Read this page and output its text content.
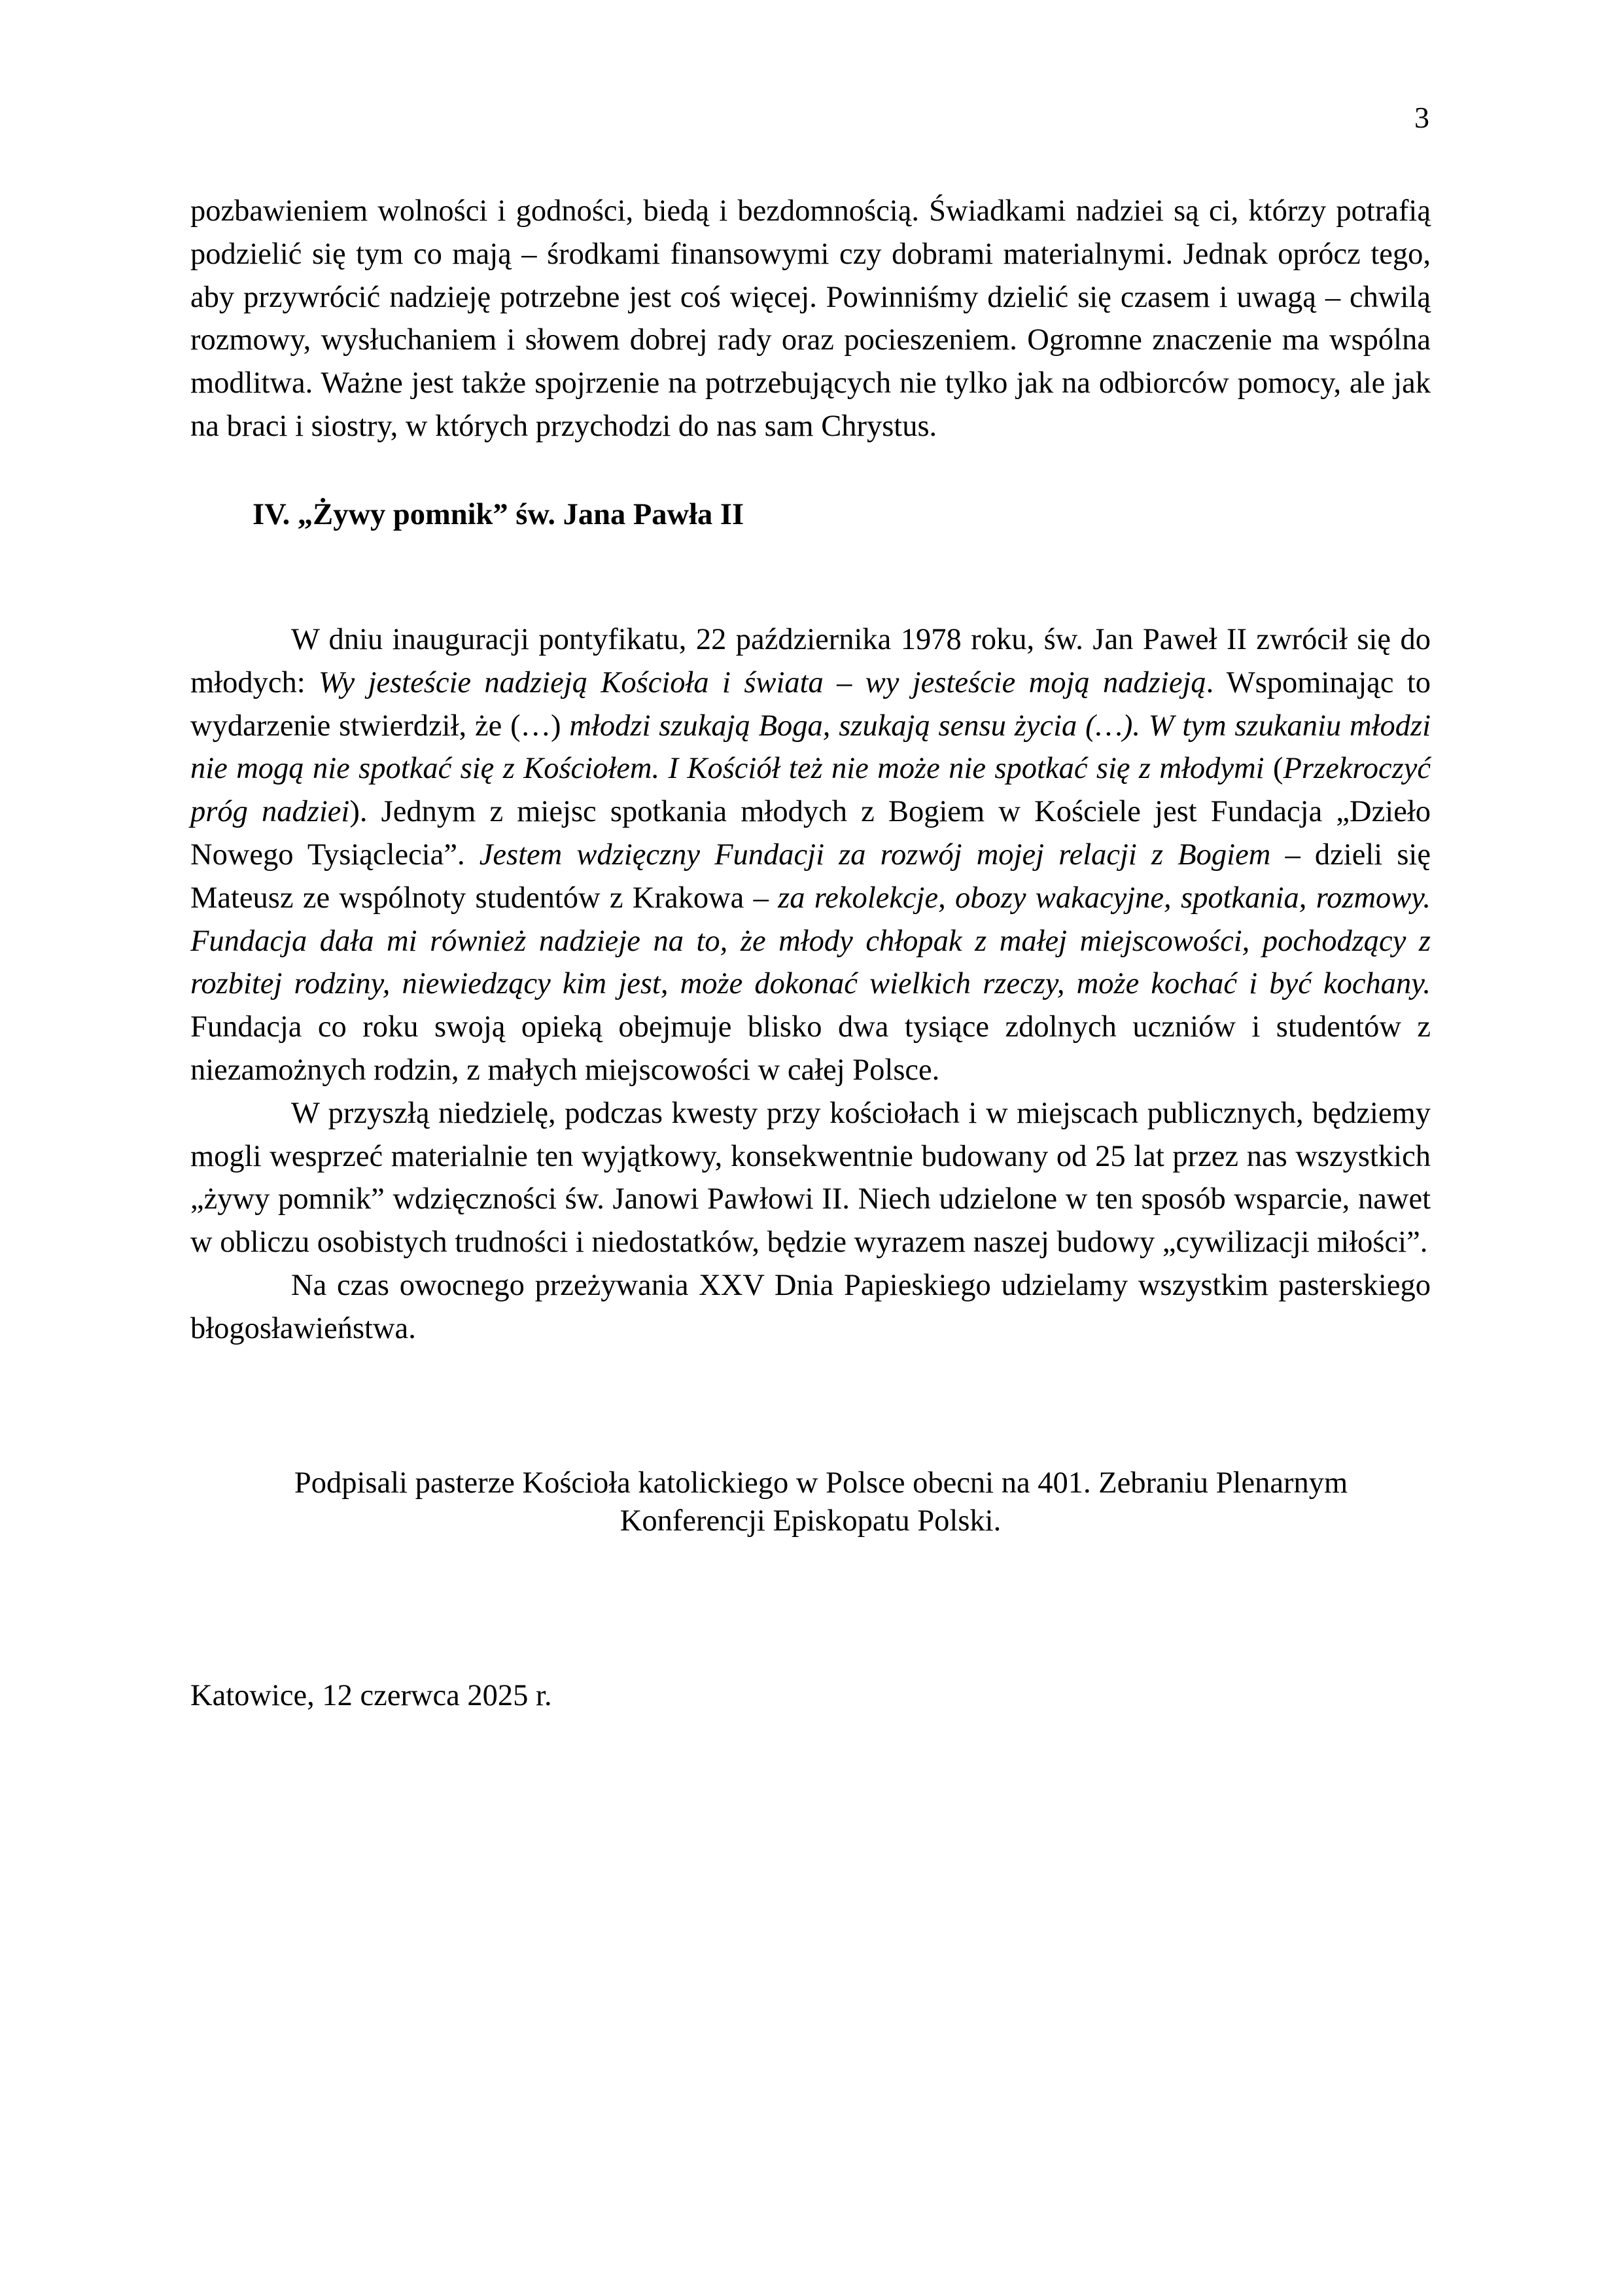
3

pozbawieniem wolności i godności, biedą i bezdomnością. Świadkami nadziei są ci, którzy potrafią podzielić się tym co mają – środkami finansowymi czy dobrami materialnymi. Jednak oprócz tego, aby przywrócić nadzieję potrzebne jest coś więcej. Powinniśmy dzielić się czasem i uwagą – chwilą rozmowy, wysłuchaniem i słowem dobrej rady oraz pocieszeniem. Ogromne znaczenie ma wspólna modlitwa. Ważne jest także spojrzenie na potrzebujących nie tylko jak na odbiorców pomocy, ale jak na braci i siostry, w których przychodzi do nas sam Chrystus.

IV. „Żywy pomnik” św. Jana Pawła II

W dniu inauguracji pontyfikatu, 22 października 1978 roku, św. Jan Paweł II zwrócił się do młodych: Wy jesteście nadzieją Kościoła i świata – wy jesteście moją nadzieją. Wspominając to wydarzenie stwierdził, że (…) młodzi szukają Boga, szukają sensu życia (…). W tym szukaniu młodzi nie mogą nie spotkać się z Kościołem. I Kościół też nie może nie spotkać się z młodymi (Przekroczyć próg nadziei). Jednym z miejsc spotkania młodych z Bogiem w Kościele jest Fundacja „Dzieło Nowego Tysiąclecia”. Jestem wdzięczny Fundacji za rozwój mojej relacji z Bogiem – dzieli się Mateusz ze wspólnoty studentów z Krakowa – za rekolekcje, obozy wakacyjne, spotkania, rozmowy. Fundacja dała mi również nadzieje na to, że młody chłopak z małej miejscowości, pochodzący z rozbitej rodziny, niewiedzący kim jest, może dokonać wielkich rzeczy, może kochać i być kochany. Fundacja co roku swoją opieką obejmuje blisko dwa tysiące zdolnych uczniów i studentów z niezamożnych rodzin, z małych miejscowości w całej Polsce.

W przyszłą niedzielę, podczas kwesty przy kościołach i w miejscach publicznych, będziemy mogli wesprzeć materialnie ten wyjątkowy, konsekwentnie budowany od 25 lat przez nas wszystkich „żywy pomnik” wdzięczności św. Janowi Pawłowi II. Niech udzielone w ten sposób wsparcie, nawet w obliczu osobistych trudności i niedostatków, będzie wyrazem naszej budowy „cywilizacji miłości”.

Na czas owocnego przeżywania XXV Dnia Papieskiego udzielamy wszystkim pasterskiego błogosławieństwa.

Podpisali pasterze Kościoła katolickiego w Polsce obecni na 401. Zebraniu Plenarnym
Konferencji Episkopatu Polski.
Katowice, 12 czerwca 2025 r.
